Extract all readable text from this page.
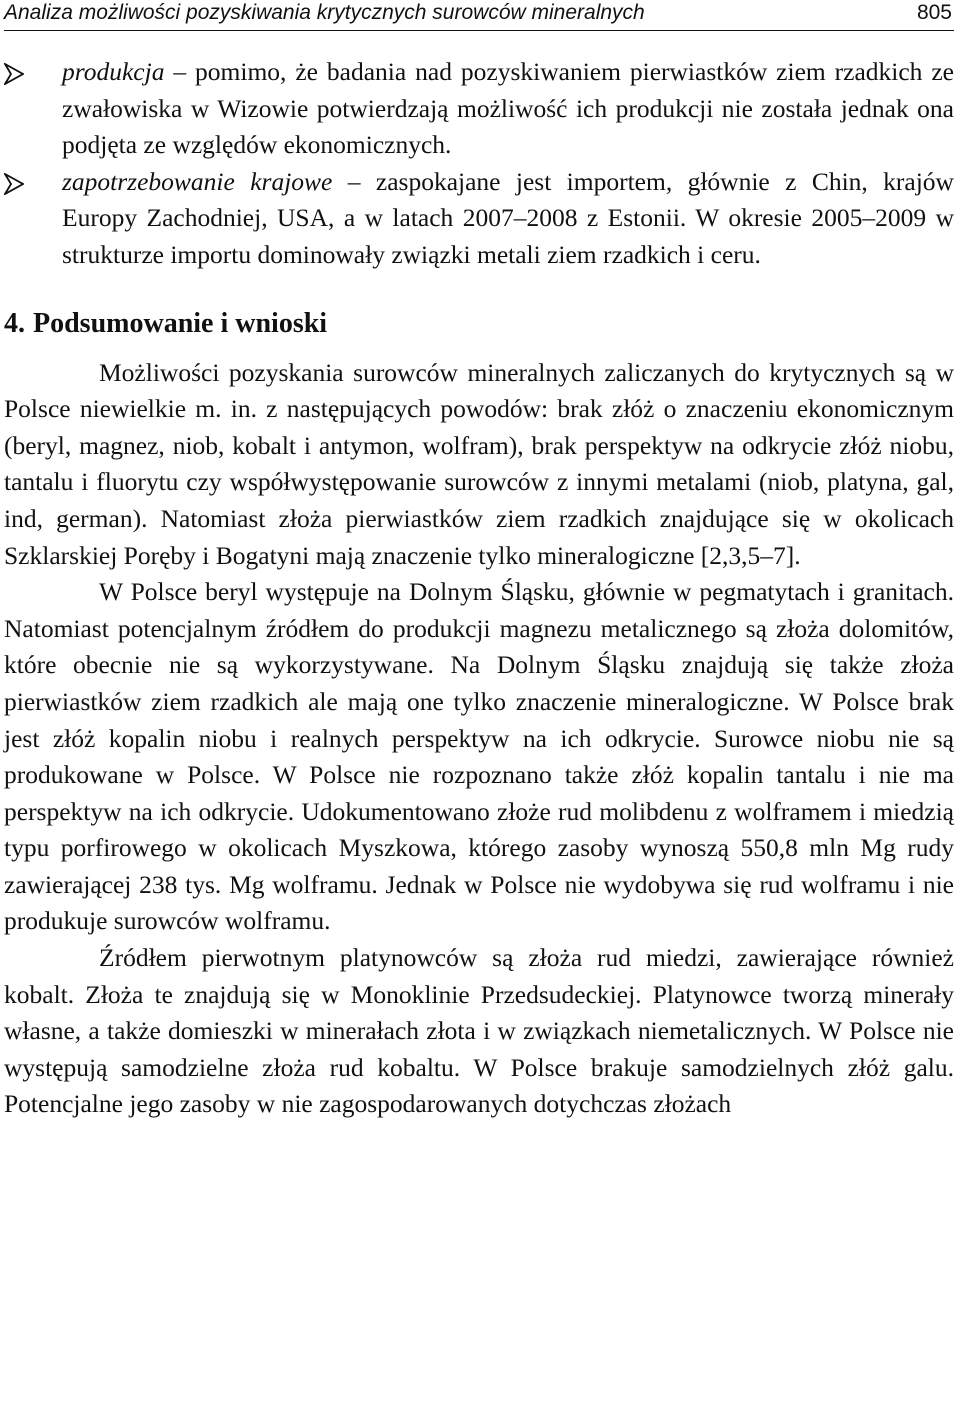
Analiza możliwości pozyskiwania krytycznych surowców mineralnych	805

produkcja – pomimo, że badania nad pozyskiwaniem pierwiastków ziem rzadkich ze zwałowiska w Wizowie potwierdzają możliwość ich produkcji nie została jednak ona podjęta ze względów ekonomicznych.

zapotrzebowanie krajowe – zaspokajane jest importem, głównie z Chin, krajów Europy Zachodniej, USA, a w latach 2007–2008 z Estonii. W okresie 2005–2009 w strukturze importu dominowały związki metali ziem rzadkich i ceru.

4. Podsumowanie i wnioski

Możliwości pozyskania surowców mineralnych zaliczanych do krytycznych są w Polsce niewielkie m. in. z następujących powodów: brak złóż o znaczeniu ekonomicznym (beryl, magnez, niob, kobalt i antymon, wolfram), brak perspektyw na odkrycie złóż niobu, tantalu i fluorytu czy współwystępowanie surowców z innymi metalami (niob, platyna, gal, ind, german). Natomiast złoża pierwiastków ziem rzadkich znajdujące się w okolicach Szklarskiej Poręby i Bogatyni mają znaczenie tylko mineralogiczne [2,3,5–7].

W Polsce beryl występuje na Dolnym Śląsku, głównie w pegmatytach i granitach. Natomiast potencjalnym źródłem do produkcji magnezu metalicznego są złoża dolomitów, które obecnie nie są wykorzystywane. Na Dolnym Śląsku znajdują się także złoża pierwiastków ziem rzadkich ale mają one tylko znaczenie mineralogiczne. W Polsce brak jest złóż kopalin niobu i realnych perspektyw na ich odkrycie. Surowce niobu nie są produkowane w Polsce. W Polsce nie rozpoznano także złóż kopalin tantalu i nie ma perspektyw na ich odkrycie. Udokumentowano złoże rud molibdenu z wolframem i miedzią typu porfirowego w okolicach Myszkowa, którego zasoby wynoszą 550,8 mln Mg rudy zawierającej 238 tys. Mg wolframu. Jednak w Polsce nie wydobywa się rud wolframu i nie produkuje surowców wolframu.

Źródłem pierwotnym platynowców są złoża rud miedzi, zawierające również kobalt. Złoża te znajdują się w Monoklinie Przedsudeckiej. Platynowce tworzą minerały własne, a także domieszki w minerałach złota i w związkach niemetalicznych. W Polsce nie występują samodzielne złoża rud kobaltu. W Polsce brakuje samodzielnych złóż galu. Potencjalne jego zasoby w nie zagospodarowanych dotychczas złożach
